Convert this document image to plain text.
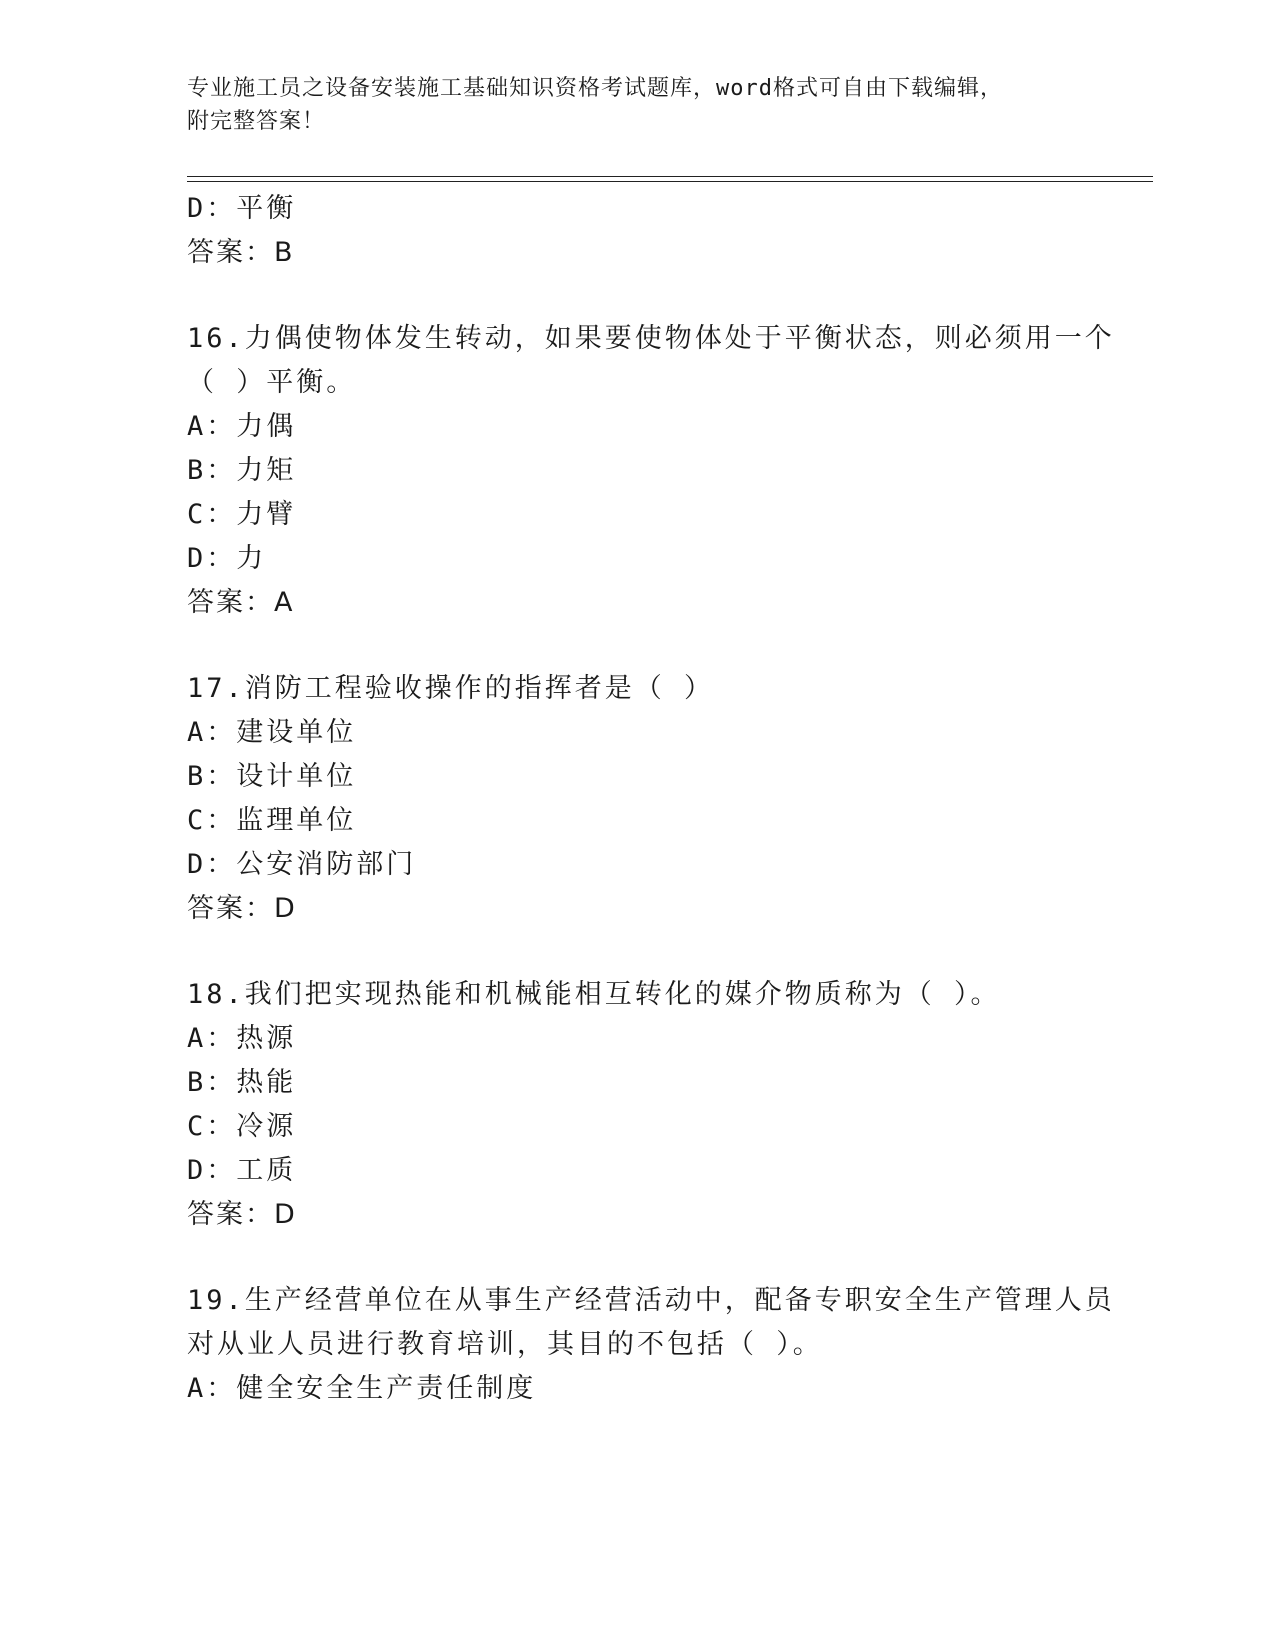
专业施工员之设备安装施工基础知识资格考试题库，word格式可自由下载编辑，
附完整答案！
D：平衡
答案：B
16.力偶使物体发生转动，如果要使物体处于平衡状态，则必须用一个
（ ）平衡。
A：力偶
B：力矩
C：力臂
D：力
答案：A
17.消防工程验收操作的指挥者是（ ）
A：建设单位
B：设计单位
C：监理单位
D：公安消防部门
答案：D
18.我们把实现热能和机械能相互转化的媒介物质称为（ ）。
A：热源
B：热能
C：冷源
D：工质
答案：D
19.生产经营单位在从事生产经营活动中，配备专职安全生产管理人员
对从业人员进行教育培训，其目的不包括（ ）。
A：健全安全生产责任制度
